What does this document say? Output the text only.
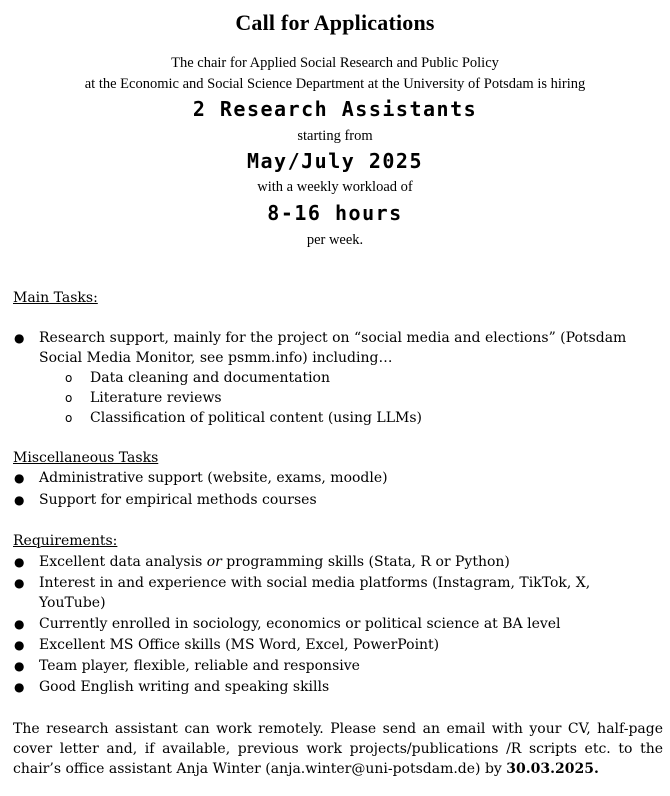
Call for Applications
The chair for Applied Social Research and Public Policy
at the Economic and Social Science Department at the University of Potsdam is hiring
2 Research Assistants
starting from
May/July 2025
with a weekly workload of
8-16 hours
per week.
Main Tasks:
● Research support, mainly for the project on “social media and elections” (Potsdam
Social Media Monitor, see psmm.info) including…
o Data cleaning and documentation
o Literature reviews
o Classification of political content (using LLMs)
Miscellaneous Tasks
● Administrative support (website, exams, moodle)
● Support for empirical methods courses
Requirements:
● Excellent data analysis or programming skills (Stata, R or Python)
● Interest in and experience with social media platforms (Instagram, TikTok, X,
YouTube)
● Currently enrolled in sociology, economics or political science at BA level
● Excellent MS Office skills (MS Word, Excel, PowerPoint)
● Team player, flexible, reliable and responsive
● Good English writing and speaking skills
The research assistant can work remotely. Please send an email with your CV, half-page cover letter and, if available, previous work projects/publications /R scripts etc. to the chair’s office assistant Anja Winter (anja.winter@uni-potsdam.de) by 30.03.2025.
